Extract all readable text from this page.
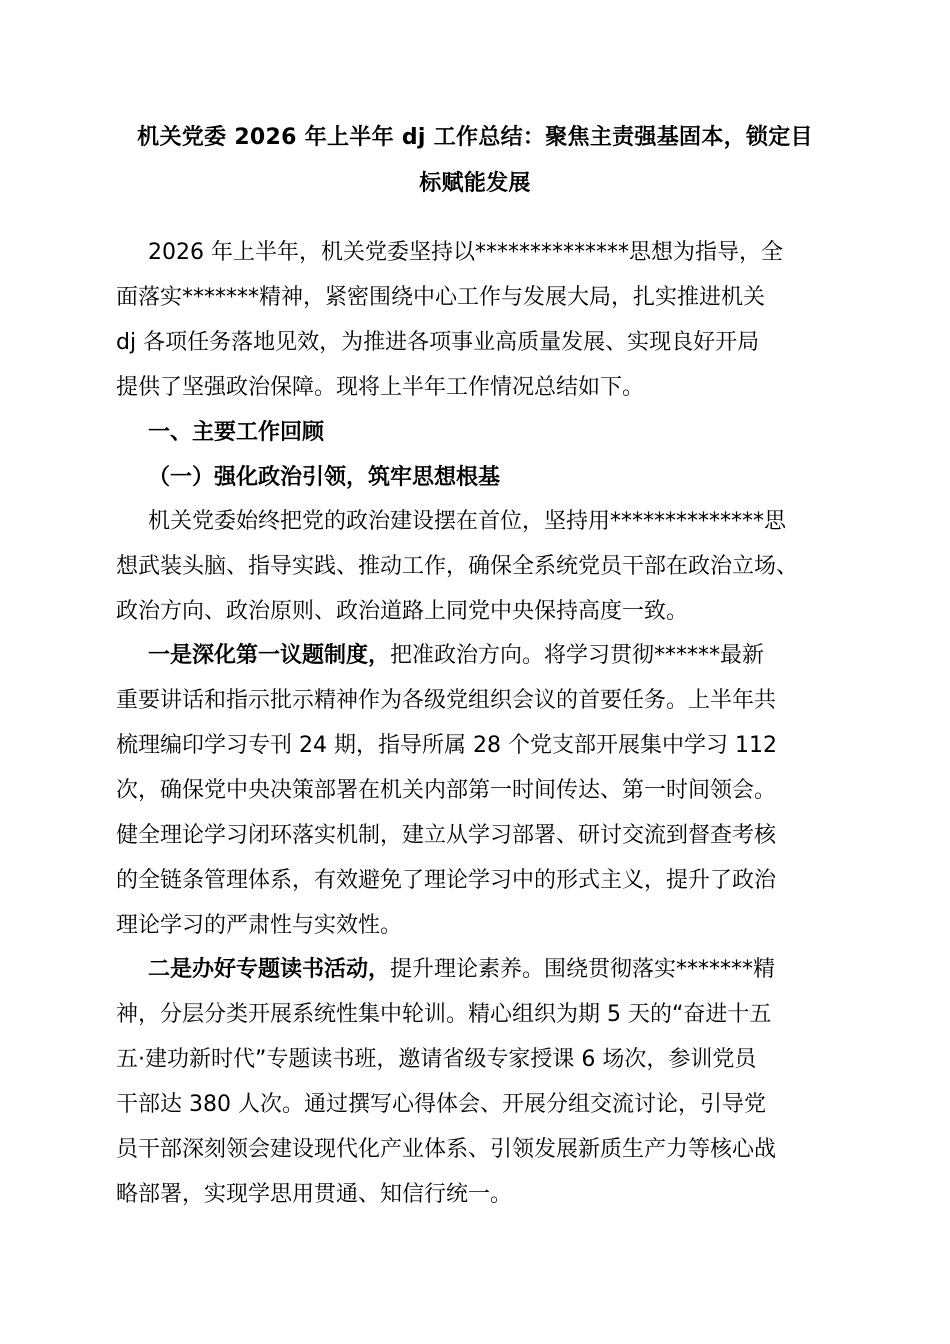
机关党委 2026 年上半年 dj 工作总结：聚焦主责强基固本，锁定目
标赋能发展
2026 年上半年，机关党委坚持以**************思想为指导，全
面落实*******精神，紧密围绕中心工作与发展大局，扎实推进机关
dj 各项任务落地见效，为推进各项事业高质量发展、实现良好开局
提供了坚强政治保障。现将上半年工作情况总结如下。
一、主要工作回顾
（一）强化政治引领，筑牢思想根基
机关党委始终把党的政治建设摆在首位，坚持用**************思
想武装头脑、指导实践、推动工作，确保全系统党员干部在政治立场、
政治方向、政治原则、政治道路上同党中央保持高度一致。
一是深化第一议题制度，把准政治方向。将学习贯彻******最新
重要讲话和指示批示精神作为各级党组织会议的首要任务。上半年共
梳理编印学习专刊 24 期，指导所属 28 个党支部开展集中学习 112
次，确保党中央决策部署在机关内部第一时间传达、第一时间领会。
健全理论学习闭环落实机制，建立从学习部署、研讨交流到督查考核
的全链条管理体系，有效避免了理论学习中的形式主义，提升了政治
理论学习的严肃性与实效性。
二是办好专题读书活动，提升理论素养。围绕贯彻落实*******精
神，分层分类开展系统性集中轮训。精心组织为期 5 天的“奋进十五
五·建功新时代”专题读书班，邀请省级专家授课 6 场次，参训党员
干部达 380 人次。通过撰写心得体会、开展分组交流讨论，引导党
员干部深刻领会建设现代化产业体系、引领发展新质生产力等核心战
略部署，实现学思用贯通、知信行统一。
